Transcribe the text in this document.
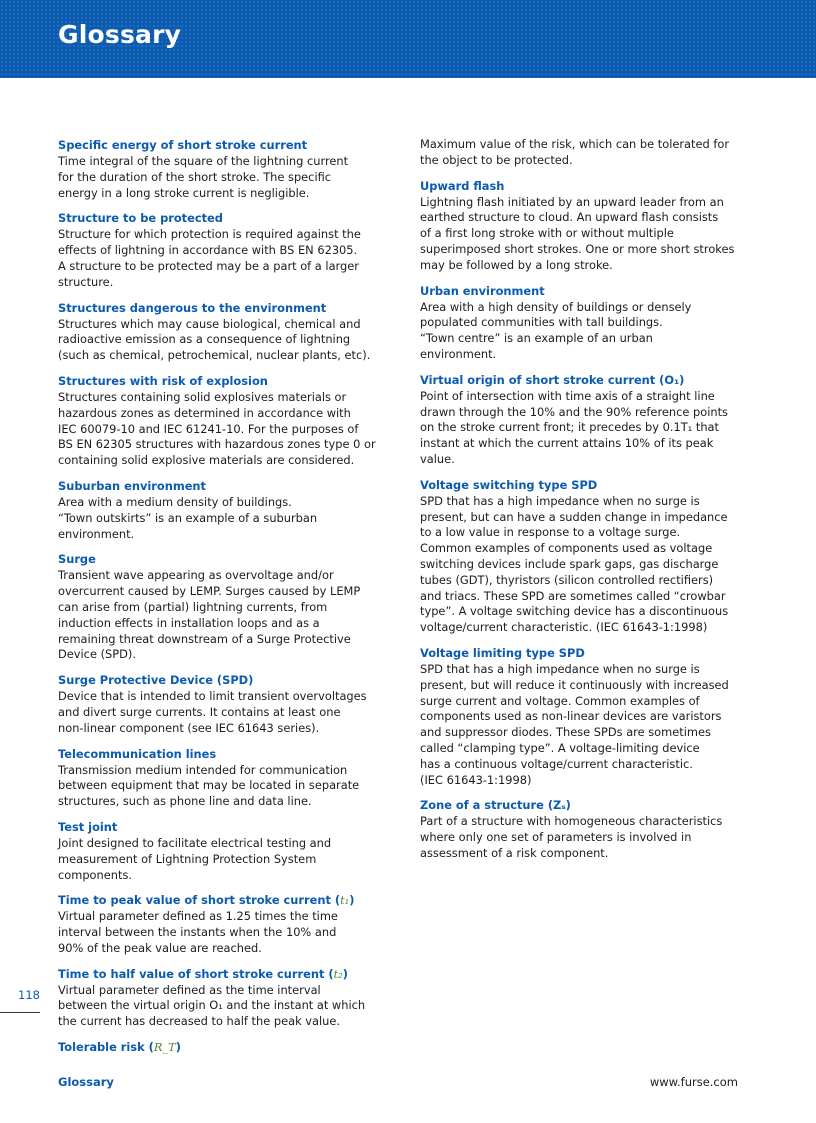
Glossary
Specific energy of short stroke current
Time integral of the square of the lightning current
for the duration of the short stroke. The specific
energy in a long stroke current is negligible.
Structure to be protected
Structure for which protection is required against the
effects of lightning in accordance with BS EN 62305.
A structure to be protected may be a part of a larger
structure.
Structures dangerous to the environment
Structures which may cause biological, chemical and
radioactive emission as a consequence of lightning
(such as chemical, petrochemical, nuclear plants, etc).
Structures with risk of explosion
Structures containing solid explosives materials or
hazardous zones as determined in accordance with
IEC 60079-10 and IEC 61241-10. For the purposes of
BS EN 62305 structures with hazardous zones type 0 or
containing solid explosive materials are considered.
Suburban environment
Area with a medium density of buildings.
“Town outskirts” is an example of a suburban
environment.
Surge
Transient wave appearing as overvoltage and/or
overcurrent caused by LEMP. Surges caused by LEMP
can arise from (partial) lightning currents, from
induction effects in installation loops and as a
remaining threat downstream of a Surge Protective
Device (SPD).
Surge Protective Device (SPD)
Device that is intended to limit transient overvoltages
and divert surge currents. It contains at least one
non-linear component (see IEC 61643 series).
Telecommunication lines
Transmission medium intended for communication
between equipment that may be located in separate
structures, such as phone line and data line.
Test joint
Joint designed to facilitate electrical testing and
measurement of Lightning Protection System
components.
Time to peak value of short stroke current (t₁)
Virtual parameter defined as 1.25 times the time
interval between the instants when the 10% and
90% of the peak value are reached.
Time to half value of short stroke current (t₂)
Virtual parameter defined as the time interval
between the virtual origin O₁ and the instant at which
the current has decreased to half the peak value.
Tolerable risk (R_T)
Maximum value of the risk, which can be tolerated for
the object to be protected.
Upward flash
Lightning flash initiated by an upward leader from an
earthed structure to cloud. An upward flash consists
of a first long stroke with or without multiple
superimposed short strokes. One or more short strokes
may be followed by a long stroke.
Urban environment
Area with a high density of buildings or densely
populated communities with tall buildings.
“Town centre” is an example of an urban
environment.
Virtual origin of short stroke current (O₁)
Point of intersection with time axis of a straight line
drawn through the 10% and the 90% reference points
on the stroke current front; it precedes by 0.1T₁ that
instant at which the current attains 10% of its peak
value.
Voltage switching type SPD
SPD that has a high impedance when no surge is
present, but can have a sudden change in impedance
to a low value in response to a voltage surge.
Common examples of components used as voltage
switching devices include spark gaps, gas discharge
tubes (GDT), thyristors (silicon controlled rectifiers)
and triacs. These SPD are sometimes called “crowbar
type”. A voltage switching device has a discontinuous
voltage/current characteristic. (IEC 61643-1:1998)
Voltage limiting type SPD
SPD that has a high impedance when no surge is
present, but will reduce it continuously with increased
surge current and voltage. Common examples of
components used as non-linear devices are varistors
and suppressor diodes. These SPDs are sometimes
called “clamping type”. A voltage-limiting device
has a continuous voltage/current characteristic.
(IEC 61643-1:1998)
Zone of a structure (Zₛ)
Part of a structure with homogeneous characteristics
where only one set of parameters is involved in
assessment of a risk component.
118
Glossary	www.furse.com
